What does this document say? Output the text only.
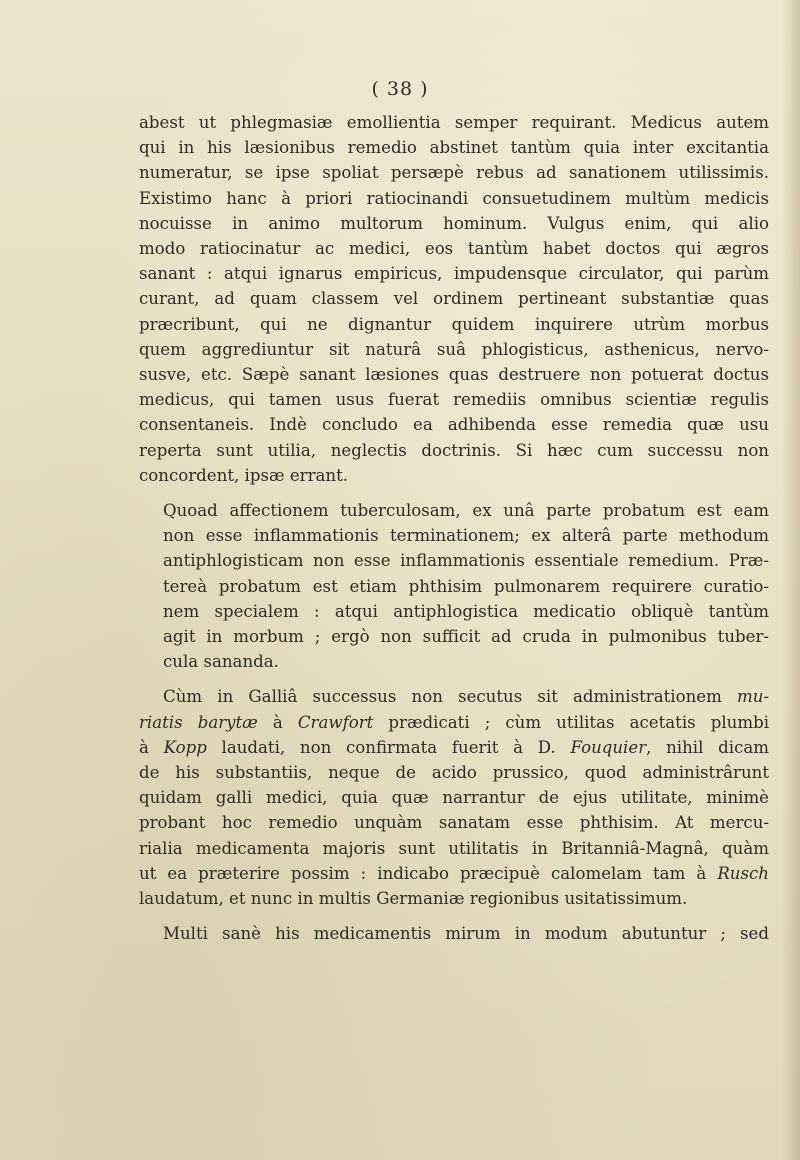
( 38 )

abest ut phlegmasiæ emollientia semper requirant. Medicus autem
qui in his læsionibus remedio abstinet tantùm quia inter excitantia
numeratur, se ipse spoliat persæpè rebus ad sanationem utilissimis.
Existimo hanc à priori ratiocinandi consuetudinem multùm medicis
nocuisse in animo multorum hominum. Vulgus enim, qui alio
modo ratiocinatur ac medici, eos tantùm habet doctos qui ægros
sanant : atqui ignarus empiricus, impudensque circulator, qui parùm
curant, ad quam classem vel ordinem pertineant substantiæ quas
præcribunt, qui ne dignantur quidem inquirere utrùm morbus
quem aggrediuntur sit naturâ suâ phlogisticus, asthenicus, nervo-
susve, etc. Sæpè sanant læsiones quas destruere non potuerat doctus
medicus, qui tamen usus fuerat remediis omnibus scientiæ regulis
consentaneis. Indè concludo ea adhibenda esse remedia quæ usu
reperta sunt utilia, neglectis doctrinis. Si hæc cum successu non
concordent, ipsæ errant.

Quoad affectionem tuberculosam, ex unâ parte probatum est eam
non esse inflammationis terminationem; ex alterâ parte methodum
antiphlogisticam non esse inflammationis essentiale remedium. Præ-
tereà probatum est etiam phthisim pulmonarem requirere curatio-
nem specialem : atqui antiphlogistica medicatio obliquè tantùm
agit in morbum ; ergò non sufficit ad cruda in pulmonibus tuber-
cula sananda.

Cùm in Galliâ successus non secutus sit administrationem mu-
riatis barytæ à Crawfort prædicati ; cùm utilitas acetatis plumbi
à Kopp laudati, non confirmata fuerit à D. Fouquier, nihil dicam
de his substantiis, neque de acido prussico, quod administrârunt
quidam galli medici, quia quæ narrantur de ejus utilitate, minimè
probant hoc remedio unquàm sanatam esse phthisim. At mercu-
rialia medicamenta majoris sunt utilitatis in Britanniâ-Magnâ, quàm
ut ea præterire possim : indicabo præcipuè calomelam tam à Rusch
laudatum, et nunc in multis Germaniæ regionibus usitatissimum.

Multi sanè his medicamentis mirum in modum abutuntur ; sed
